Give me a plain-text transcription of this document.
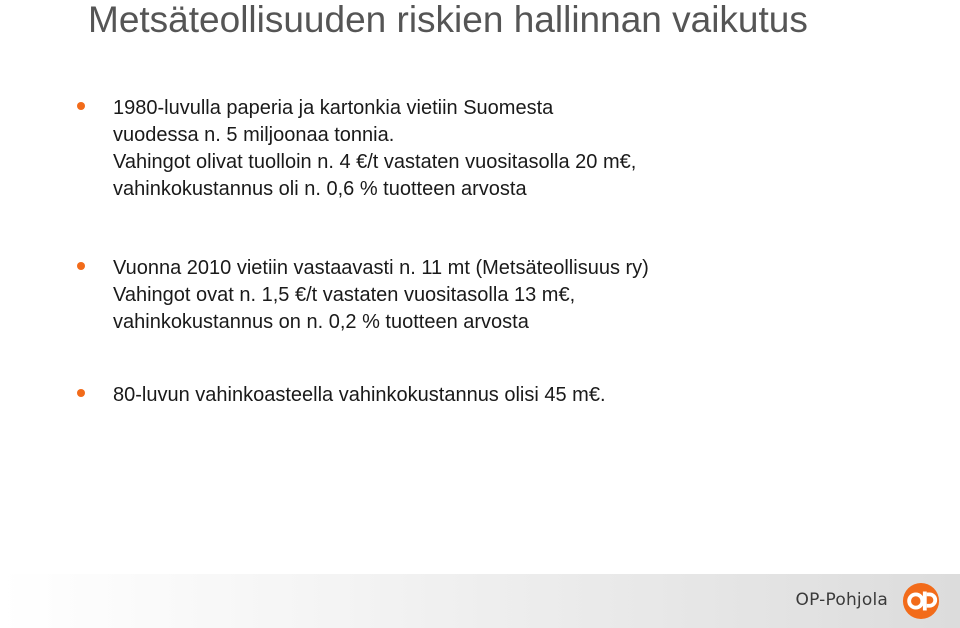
Metsäteollisuuden riskien hallinnan vaikutus
1980-luvulla paperia ja kartonkia vietiin Suomesta
vuodessa n. 5 miljoonaa tonnia.
Vahingot olivat tuolloin n. 4 €/t vastaten vuositasolla 20 m€,
vahinkokustannus oli n. 0,6 % tuotteen arvosta
Vuonna 2010 vietiin vastaavasti n. 11 mt (Metsäteollisuus ry)
Vahingot ovat n. 1,5 €/t vastaten vuositasolla 13 m€,
vahinkokustannus on n. 0,2 % tuotteen arvosta
80-luvun vahinkoasteella vahinkokustannus olisi 45 m€.
OP-Pohjola
